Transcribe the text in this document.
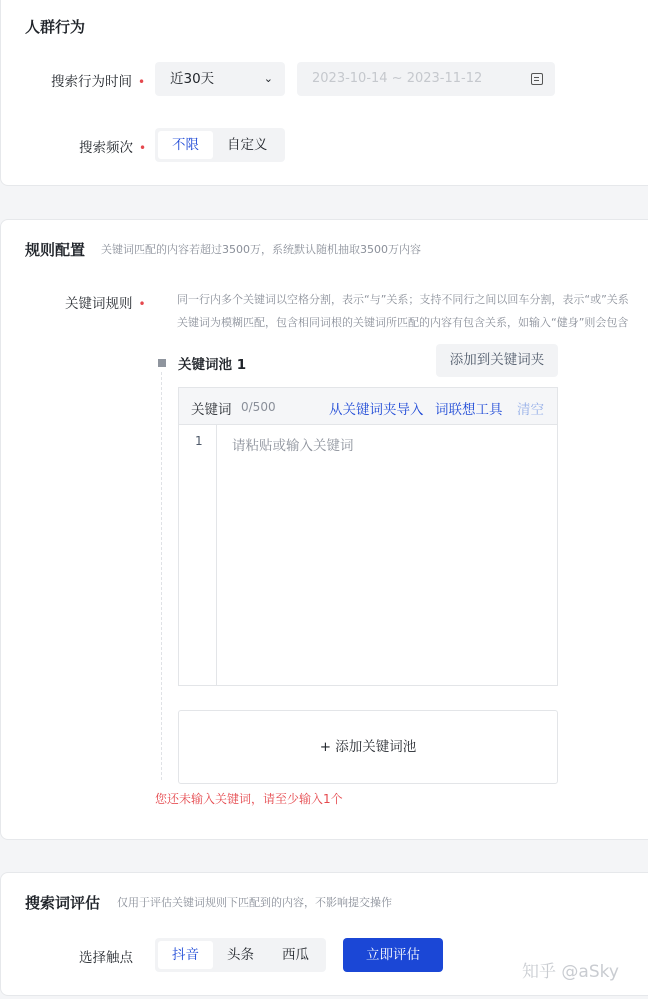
人群行为
搜索行为时间 •	近30天	⌄	2023-10-14 ~ 2023-11-12
搜索频次 •	不限	自定义
规则配置 关键词匹配的内容若超过3500万，系统默认随机抽取3500万内容
关键词规则 •	同一行内多个关键词以空格分割，表示“与”关系；支持不同行之间以回车分割，表示“或”关系
关键词为模糊匹配，包含相同词根的关键词所匹配的内容有包含关系，如输入“健身”则会包含
关键词池 1	添加到关键词夹
关键词 0/500	从关键词夹导入 词联想工具 清空
1 请粘贴或输入关键词
+ 添加关键词池
您还未输入关键词，请至少输入1个
搜索词评估 仅用于评估关键词规则下匹配到的内容，不影响提交操作
选择触点	抖音	头条	西瓜	立即评估
知乎 @aSky
